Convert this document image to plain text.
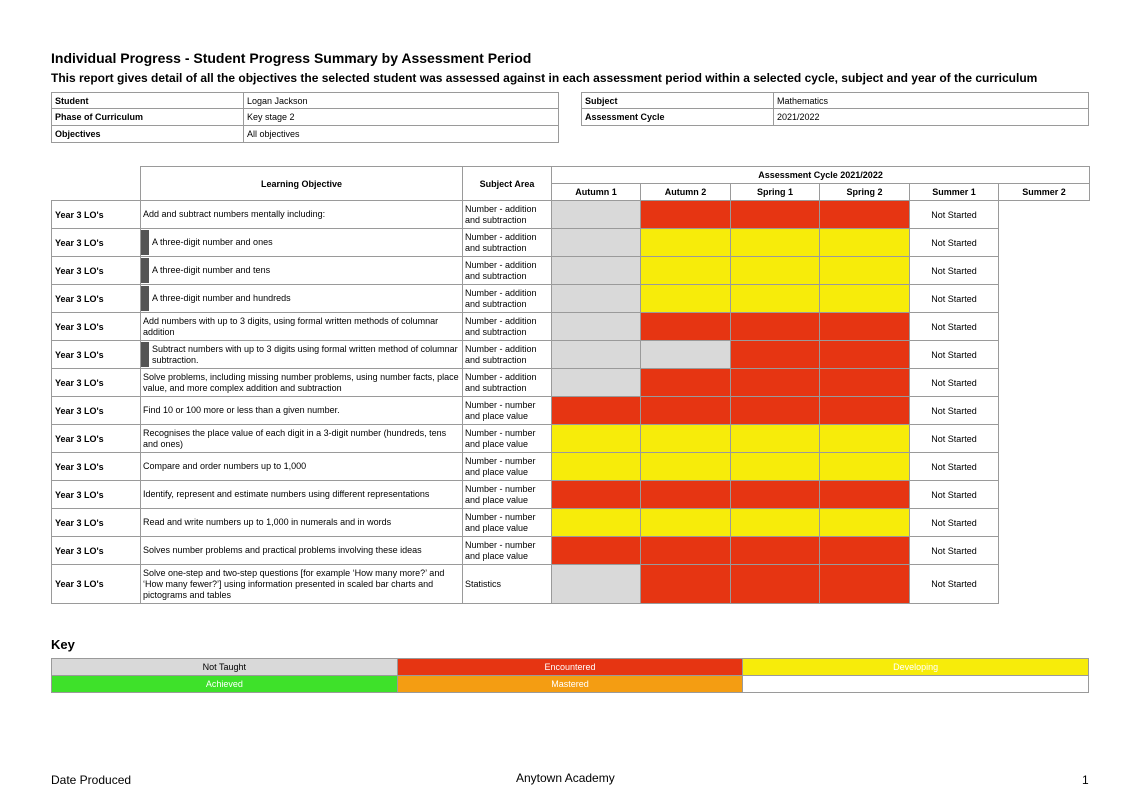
Individual Progress - Student Progress Summary by Assessment Period
This report gives detail of all the objectives the selected student was assessed against in each assessment period within a selected cycle, subject and year of the curriculum
Student	Logan Jackson
Phase of Curriculum	Key stage 2
Objectives	All objectives
Subject	Mathematics
Assessment Cycle	2021/2022
	Learning Objective	Subject Area	Assessment Cycle 2021/2022					
			Autumn 1	Autumn 2	Spring 1	Spring 2	Summer 1	Summer 2
Year 3 LO's	Add and subtract numbers mentally including:	Number - addition and subtraction					Not Started	
Year 3 LO's	A three-digit number and ones	Number - addition and subtraction					Not Started	
Year 3 LO's	A three-digit number and tens	Number - addition and subtraction					Not Started	
Year 3 LO's	A three-digit number and hundreds	Number - addition and subtraction					Not Started	
Year 3 LO's	Add numbers with up to 3 digits, using formal written methods of columnar addition	Number - addition and subtraction					Not Started	
Year 3 LO's	Subtract numbers with up to 3 digits using formal written method of columnar subtraction.	Number - addition and subtraction					Not Started	
Year 3 LO's	Solve problems, including missing number problems, using number facts, place value, and more complex addition and subtraction	Number - addition and subtraction					Not Started	
Year 3 LO's	Find 10 or 100 more or less than a given number.	Number - number and place value					Not Started	
Year 3 LO's	Recognises the place value of each digit in a 3-digit number (hundreds, tens and ones)	Number - number and place value					Not Started	
Year 3 LO's	Compare and order numbers up to 1,000	Number - number and place value					Not Started	
Year 3 LO's	Identify, represent and estimate numbers using different representations	Number - number and place value					Not Started	
Year 3 LO's	Read and write numbers up to 1,000 in numerals and in words	Number - number and place value					Not Started	
Year 3 LO's	Solves number problems and practical problems involving these ideas	Number - number and place value					Not Started	
Year 3 LO's	Solve one-step and two-step questions [for example ‘How many more?’ and ‘How many fewer?’] using information presented in scaled bar charts and pictograms and tables	Statistics					Not Started	
Key
Not Taught	Encountered	Developing
Achieved	Mastered	
Date Produced	Anytown Academy	1
